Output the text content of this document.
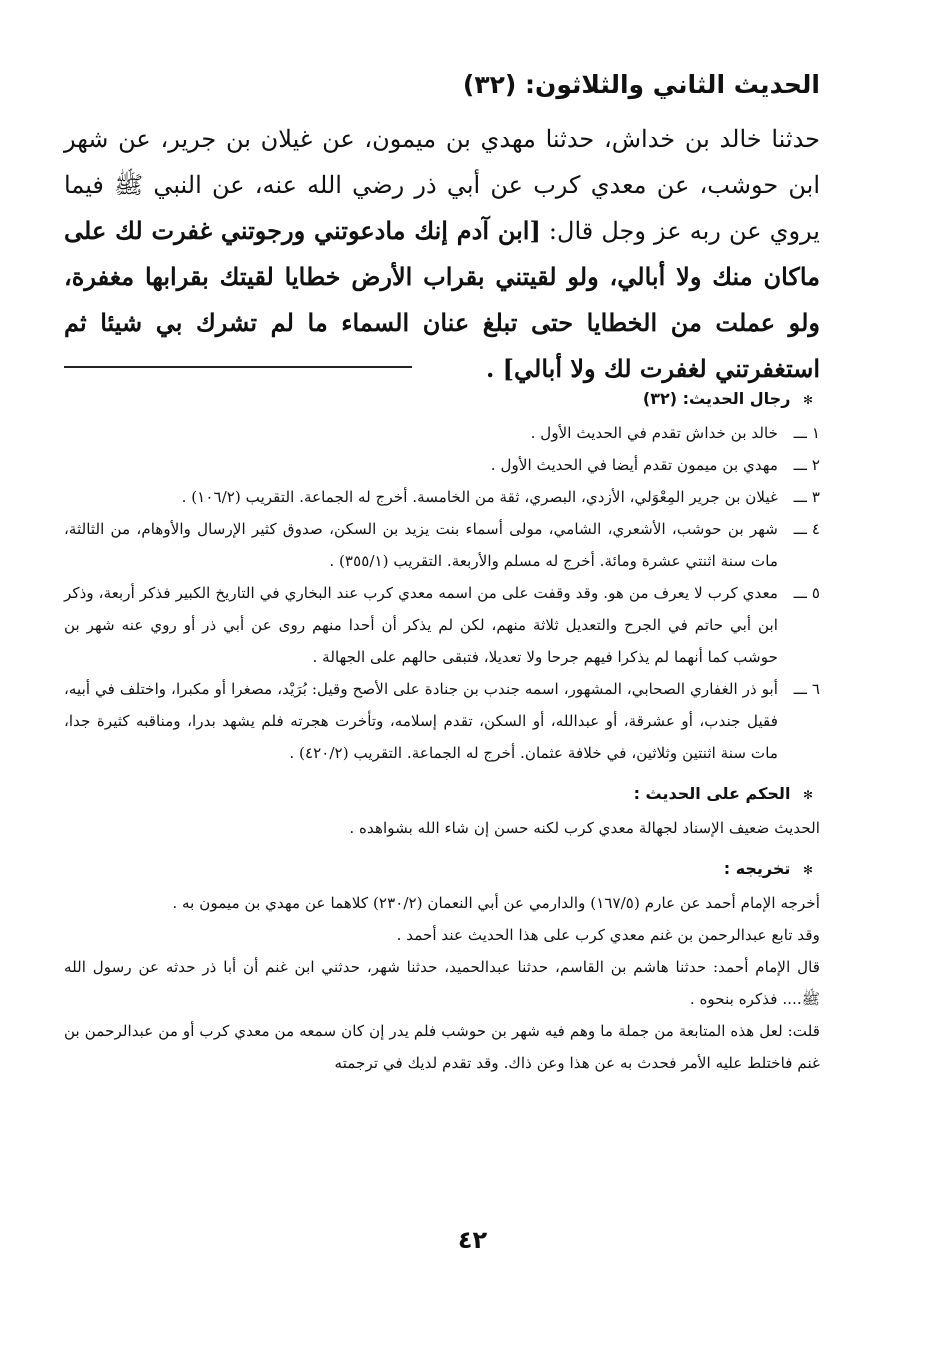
الحديث الثاني والثلاثون: (٣٢)

حدثنا خالد بن خداش، حدثنا مهدي بن ميمون، عن غيلان بن جرير، عن شهر ابن حوشب، عن معدي كرب عن أبي ذر رضي الله عنه، عن النبي ﷺ فيما يروي عن ربه عز وجل قال: [ابن آدم إنك مادعوتني ورجوتني غفرت لك على ماكان منك ولا أبالي، ولو لقيتني بقراب الأرض خطايا لقيتك بقرابها مغفرة، ولو عملت من الخطايا حتى تبلغ عنان السماء ما لم تشرك بي شيئا ثم استغفرتني لغفرت لك ولا أبالي] .

✻ رجال الحديث: (٣٢)
١ ـــ
خالد بن خداش تقدم في الحديث الأول .
٢ ـــ
مهدي بن ميمون تقدم أيضا في الحديث الأول .
٣ ـــ
غيلان بن جرير المِعْوَلي، الأزدي، البصري، ثقة من الخامسة. أخرج له الجماعة. التقريب (١٠٦/٢) .
٤ ـــ
شهر بن حوشب، الأشعري، الشامي، مولى أسماء بنت يزيد بن السكن، صدوق كثير الإرسال والأوهام، من الثالثة، مات سنة اثنتي عشرة ومائة. أخرج له مسلم والأربعة. التقريب (٣٥٥/١) .
٥ ـــ
معدي كرب لا يعرف من هو. وقد وقفت على من اسمه معدي كرب عند البخاري في التاريخ الكبير فذكر أربعة، وذكر ابن أبي حاتم في الجرح والتعديل ثلاثة منهم، لكن لم يذكر أن أحدا منهم روى عن أبي ذر أو روي عنه شهر بن حوشب كما أنهما لم يذكرا فيهم جرحا ولا تعديلا، فتبقى حالهم على الجهالة .
٦ ـــ
أبو ذر الغفاري الصحابي، المشهور، اسمه جندب بن جنادة على الأصح وقيل: بُرَيْد، مصغرا أو مكبرا، واختلف في أبيه، فقيل جندب، أو عشرقة، أو عبدالله، أو السكن، تقدم إسلامه، وتأخرت هجرته فلم يشهد بدرا، ومناقبه كثيرة جدا، مات سنة اثنتين وثلاثين، في خلافة عثمان. أخرج له الجماعة. التقريب (٤٢٠/٢) .
✻ الحكم على الحديث :

الحديث ضعيف الإسناد لجهالة معدي كرب لكنه حسن إن شاء الله بشواهده .

✻ تخريجه :

أخرجه الإمام أحمد عن عارم (١٦٧/٥) والدارمي عن أبي النعمان (٢٣٠/٢) كلاهما عن مهدي بن ميمون به .

وقد تابع عبدالرحمن بن غنم معدي كرب على هذا الحديث عند أحمد .

قال الإمام أحمد: حدثنا هاشم بن القاسم، حدثنا عبدالحميد، حدثنا شهر، حدثني ابن غنم أن أبا ذر حدثه عن رسول الله ﷺ.... فذكره بنحوه .

قلت: لعل هذه المتابعة من جملة ما وهم فيه شهر بن حوشب فلم يدر إن كان سمعه من معدي كرب أو من عبدالرحمن بن غنم فاختلط عليه الأمر فحدث به عن هذا وعن ذاك. وقد تقدم لديك في ترجمته

٤٢
